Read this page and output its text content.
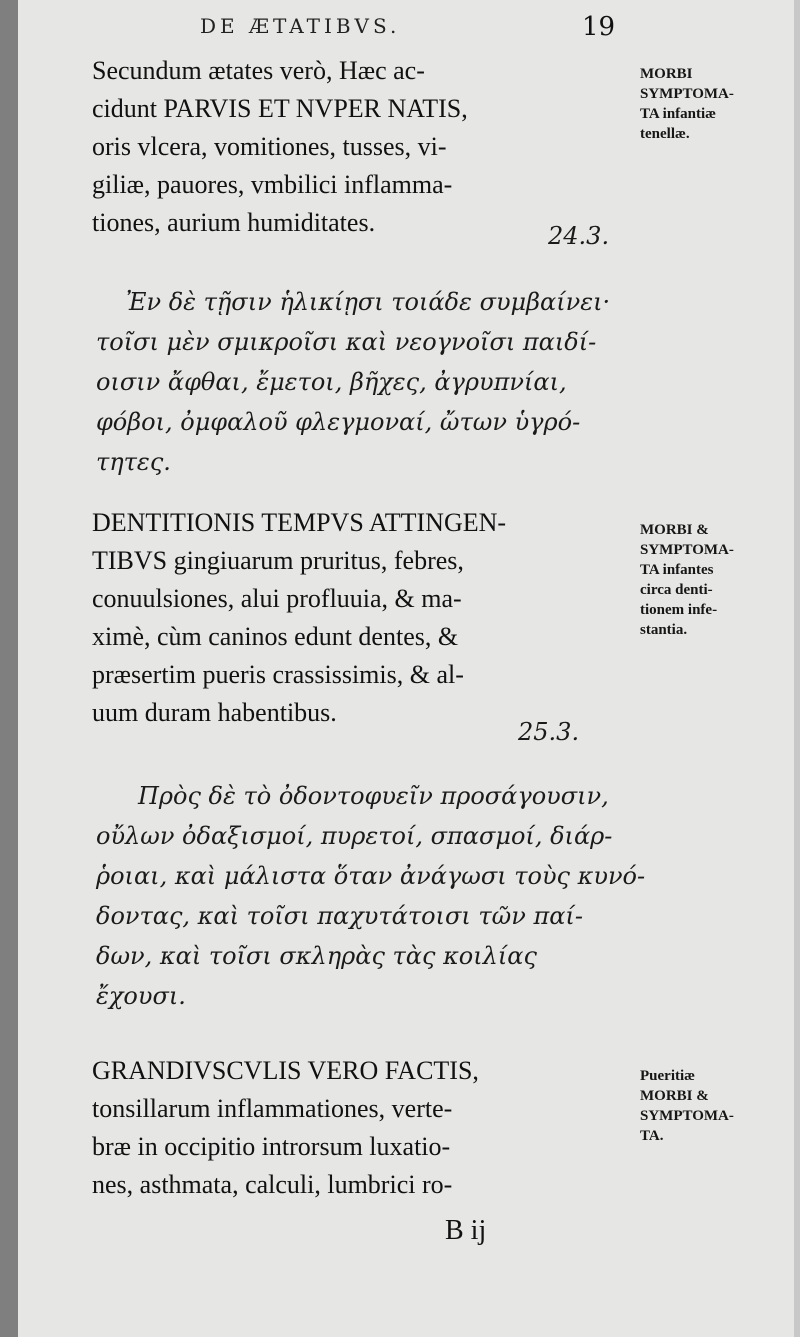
DE ÆTATIBVS.	19
Secundum ætates verò, Hæc ac-
cidunt PARVIS ET NVPER NATIS,
oris vlcera, vomitiones, tusses, vi-
giliæ, pauores, vmbilici inflamma-
tiones, aurium humiditates.	24.3.
Ἐν δὲ τῇσιν ἡλικίῃσι τοιάδε συμβαίνει·
τοῖσι μὲν σμικροῖσι καὶ νεογνοῖσι παιδί-
οισιν ἄφθαι, ἔμετοι, βῆχες, ἀγρυπνίαι,
φόβοι, ὀμφαλοῦ φλεγμοναί, ὤτων ὑγρό-
τητες.
MORBI
SYMPTOMA-
TA infantiæ
tenellæ.
DENTITIONIS TEMPVS ATTINGEN-
TIBVS gingiuarum pruritus, febres,
conuulsiones, alui profluuia, & ma-
ximè, cùm caninos edunt dentes, &
præsertim pueris crassissimis, & al-
uum duram habentibus.
25.3.
Πρὸς δὲ τὸ ὀδοντοφυεῖν προσάγουσιν,
οὔλων ὀδαξισμοί, πυρετοί, σπασμοί, διάρ-
ῥοιαι, καὶ μάλιστα ὅταν ἀνάγωσι τοὺς κυνό-
δοντας, καὶ τοῖσι παχυτάτοισι τῶν παί-
δων, καὶ τοῖσι σκληρὰς τὰς κοιλίας
ἔχουσι.
MORBI &
SYMPTOMA-
TA infantes
circa denti-
tionem infe-
stantia.
GRANDIVSCVLIS VERO FACTIS,
tonsillarum inflammationes, verte-
bræ in occipitio introrsum luxatio-
nes, asthmata, calculi, lumbrici ro-
Pueritiæ
MORBI &
SYMPTOMA-
TA.
B ij
